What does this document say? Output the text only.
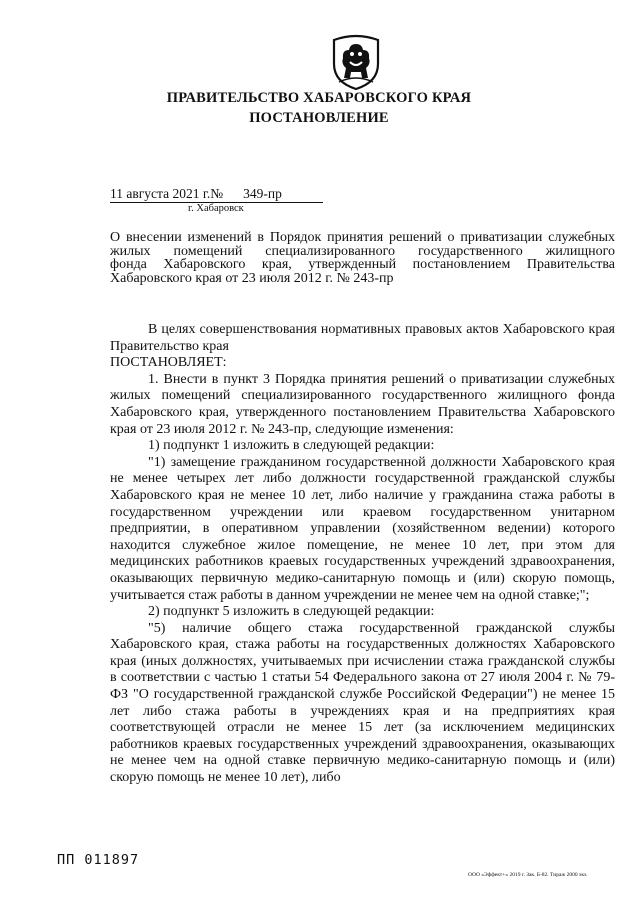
ПРАВИТЕЛЬСТВО ХАБАРОВСКОГО КРАЯ
ПОСТАНОВЛЕНИЕ
11 августа 2021 г.№ 349-пр
г. Хабаровск
О внесении изменений в Порядок принятия решений о приватизации служебных
жилых помещений специализированного государственного жилищного
фонда Хабаровского края, утвержденный постановлением Правительства
Хабаровского края от 23 июля 2012 г. № 243-пр

В целях совершенствования нормативных правовых актов Хабаровского края Правительство края

ПОСТАНОВЛЯЕТ:

1. Внести в пункт 3 Порядка принятия решений о приватизации служебных жилых помещений специализированного государственного жилищного фонда Хабаровского края, утвержденного постановлением Правительства Хабаровского края от 23 июля 2012 г. № 243-пр, следующие изменения:

1) подпункт 1 изложить в следующей редакции:

"1) замещение гражданином государственной должности Хабаровского края не менее четырех лет либо должности государственной гражданской службы Хабаровского края не менее 10 лет, либо наличие у гражданина стажа работы в государственном учреждении или краевом государственном унитарном предприятии, в оперативном управлении (хозяйственном ведении) которого находится служебное жилое помещение, не менее 10 лет, при этом для медицинских работников краевых государственных учреждений здравоохранения, оказывающих первичную медико-санитарную помощь и (или) скорую помощь, учитывается стаж работы в данном учреждении не менее чем на одной ставке;";

2) подпункт 5 изложить в следующей редакции:

"5) наличие общего стажа государственной гражданской службы Хабаровского края, стажа работы на государственных должностях Хабаровского края (иных должностях, учитываемых при исчислении стажа гражданской службы в соответствии с частью 1 статьи 54 Федерального закона от 27 июля 2004 г. № 79-ФЗ "О государственной гражданской службе Российской Федерации") не менее 15 лет либо стажа работы в учреждениях края и на предприятиях края соответствующей отрасли не менее 15 лет (за исключением медицинских работников краевых государственных учреждений здравоохранения, оказывающих не менее чем на одной ставке первичную медико-санитарную помощь и (или) скорую помощь не менее 10 лет), либо

ПП 011897
ООО «Эффект+» 2019 г. Зак. Б-82. Тираж 2000 экз.
